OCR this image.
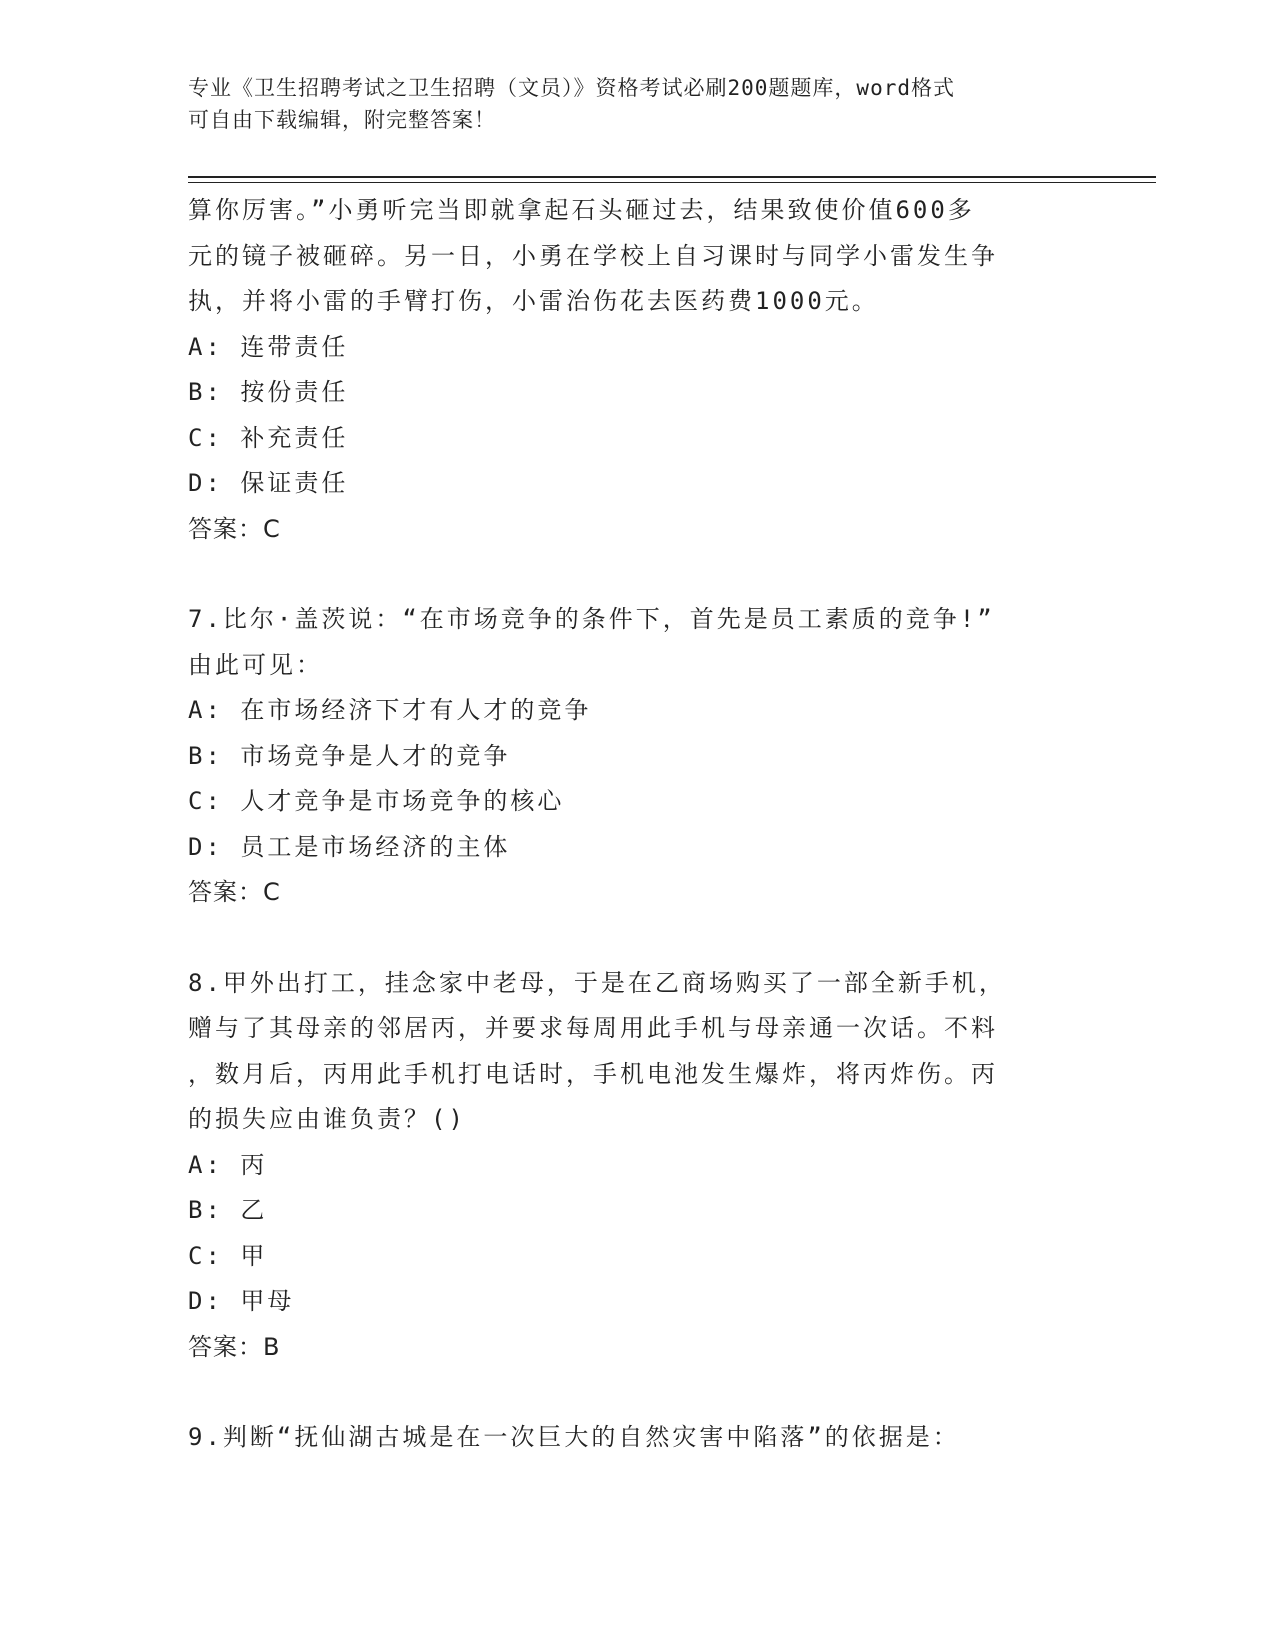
专业《卫生招聘考试之卫生招聘（文员）》资格考试必刷200题题库，word格式
可自由下载编辑，附完整答案！
算你厉害。”小勇听完当即就拿起石头砸过去，结果致使价值600多
元的镜子被砸碎。另一日，小勇在学校上自习课时与同学小雷发生争
执，并将小雷的手臂打伤，小雷治伤花去医药费1000元。
A: 连带责任
B: 按份责任
C: 补充责任
D: 保证责任
答案：C
7.比尔·盖茨说：“在市场竞争的条件下，首先是员工素质的竞争!”
由此可见：
A: 在市场经济下才有人才的竞争
B: 市场竞争是人才的竞争
C: 人才竞争是市场竞争的核心
D: 员工是市场经济的主体
答案：C
8.甲外出打工，挂念家中老母，于是在乙商场购买了一部全新手机，
赠与了其母亲的邻居丙，并要求每周用此手机与母亲通一次话。不料
，数月后，丙用此手机打电话时，手机电池发生爆炸，将丙炸伤。丙
的损失应由谁负责？()
A: 丙
B: 乙
C: 甲
D: 甲母
答案：B
9.判断“抚仙湖古城是在一次巨大的自然灾害中陷落”的依据是：
